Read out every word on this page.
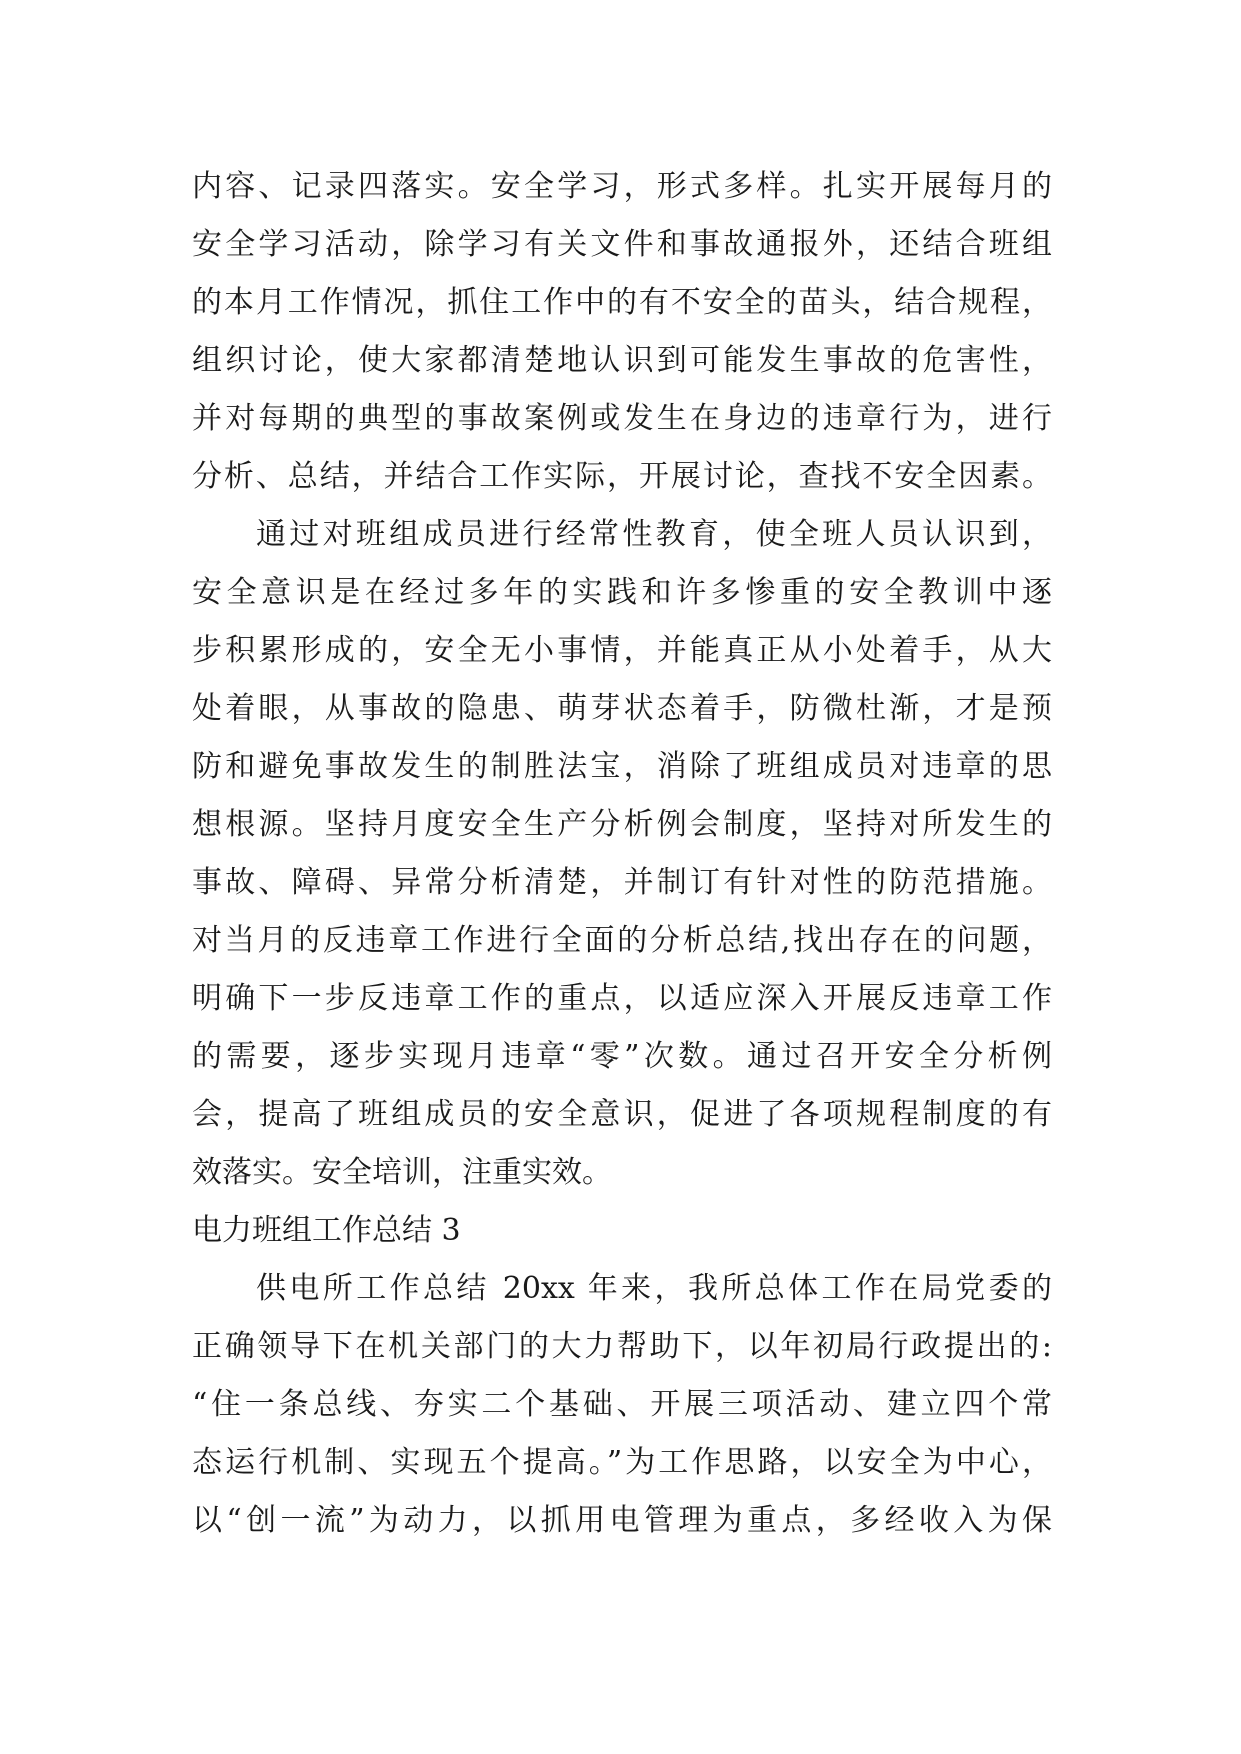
内容、记录四落实。安全学习，形式多样。扎实开展每月的
安全学习活动，除学习有关文件和事故通报外，还结合班组
的本月工作情况，抓住工作中的有不安全的苗头，结合规程，
组织讨论，使大家都清楚地认识到可能发生事故的危害性，
并对每期的典型的事故案例或发生在身边的违章行为，进行
分析、总结，并结合工作实际，开展讨论，查找不安全因素。
通过对班组成员进行经常性教育，使全班人员认识到，
安全意识是在经过多年的实践和许多惨重的安全教训中逐
步积累形成的，安全无小事情，并能真正从小处着手，从大
处着眼，从事故的隐患、萌芽状态着手，防微杜渐，才是预
防和避免事故发生的制胜法宝，消除了班组成员对违章的思
想根源。坚持月度安全生产分析例会制度，坚持对所发生的
事故、障碍、异常分析清楚，并制订有针对性的防范措施。
对当月的反违章工作进行全面的分析总结,找出存在的问题，
明确下一步反违章工作的重点，以适应深入开展反违章工作
的需要，逐步实现月违章“零”次数。通过召开安全分析例
会，提高了班组成员的安全意识，促进了各项规程制度的有
效落实。安全培训，注重实效。
电力班组工作总结 3
供电所工作总结 20xx 年来，我所总体工作在局党委的
正确领导下在机关部门的大力帮助下，以年初局行政提出的:
“住一条总线、夯实二个基础、开展三项活动、建立四个常
态运行机制、实现五个提高。”为工作思路，以安全为中心，
以“创一流”为动力，以抓用电管理为重点，多经收入为保
